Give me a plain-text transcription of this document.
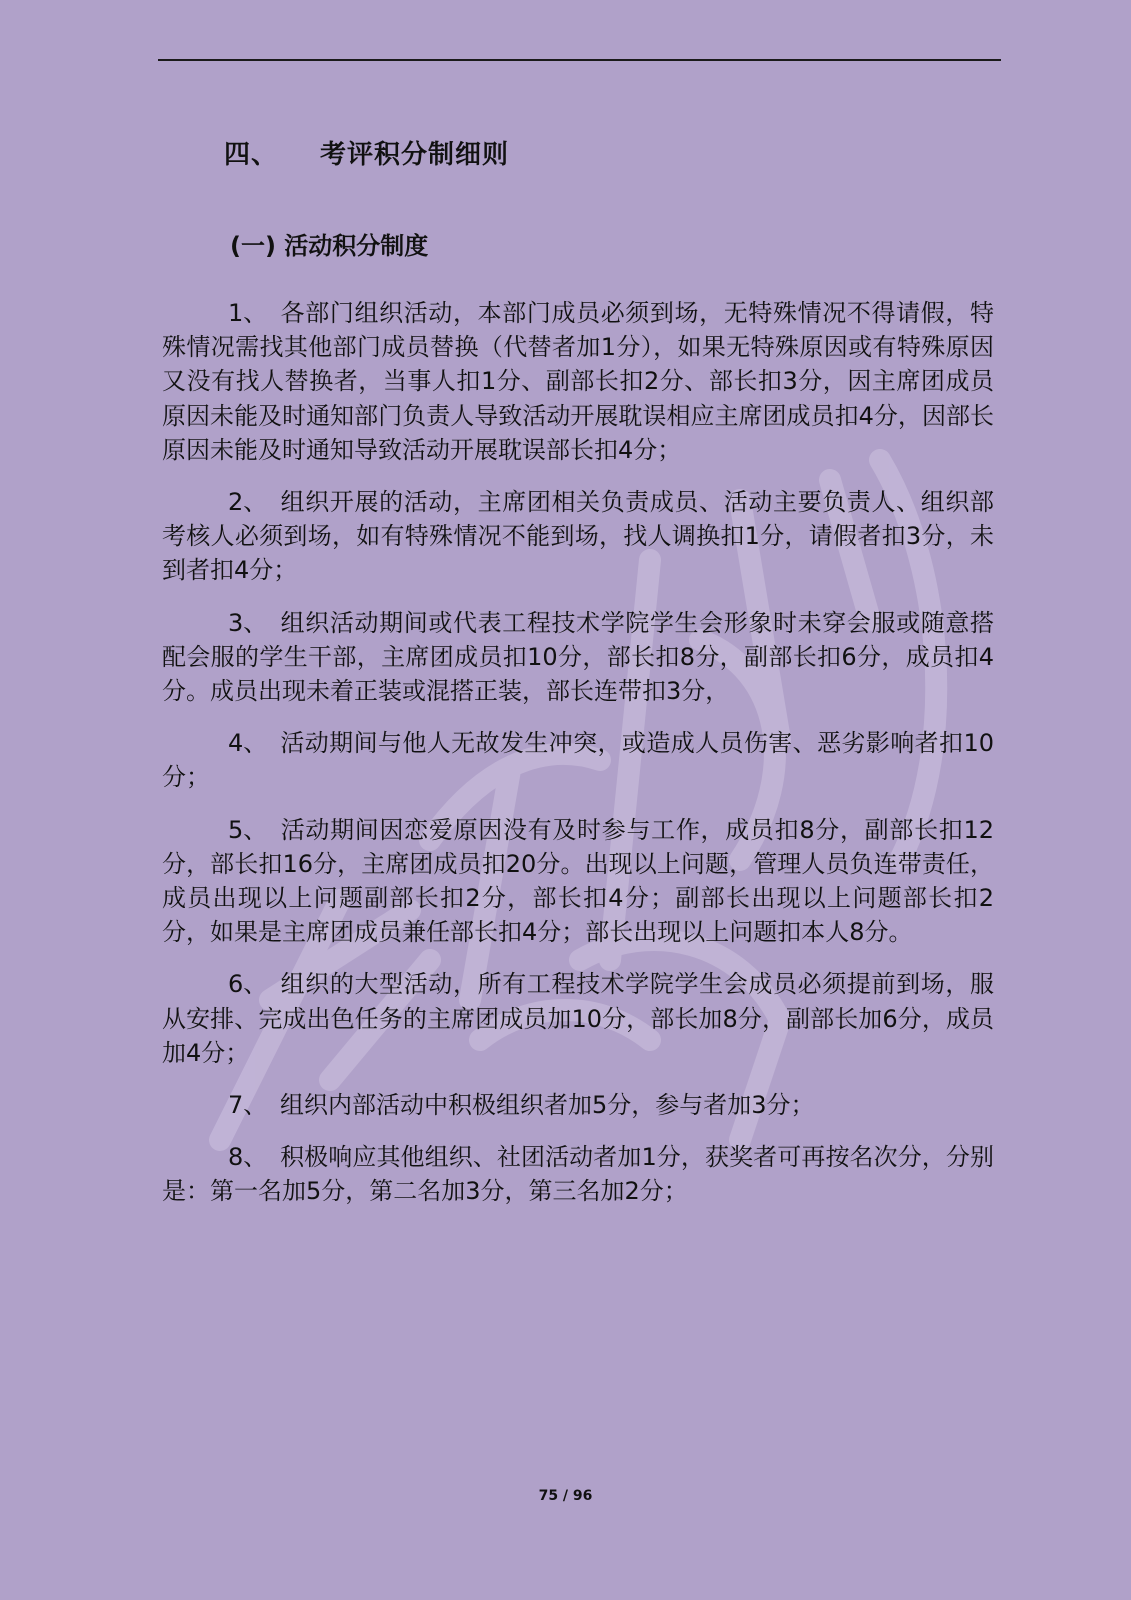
四、 考评积分制细则
(一) 活动积分制度

1、 各部门组织活动，本部门成员必须到场，无特殊情况不得请假，特殊情况需找其他部门成员替换（代替者加1分），如果无特殊原因或有特殊原因又没有找人替换者，当事人扣1分、副部长扣2分、部长扣3分，因主席团成员原因未能及时通知部门负责人导致活动开展耽误相应主席团成员扣4分，因部长原因未能及时通知导致活动开展耽误部长扣4分；

2、 组织开展的活动，主席团相关负责成员、活动主要负责人、组织部考核人必须到场，如有特殊情况不能到场，找人调换扣1分，请假者扣3分，未到者扣4分；

3、 组织活动期间或代表工程技术学院学生会形象时未穿会服或随意搭配会服的学生干部，主席团成员扣10分，部长扣8分，副部长扣6分，成员扣4分。成员出现未着正装或混搭正装，部长连带扣3分，

4、 活动期间与他人无故发生冲突，或造成人员伤害、恶劣影响者扣10分；

5、 活动期间因恋爱原因没有及时参与工作，成员扣8分，副部长扣12分，部长扣16分，主席团成员扣20分。出现以上问题，管理人员负连带责任，成员出现以上问题副部长扣2分，部长扣4分；副部长出现以上问题部长扣2分，如果是主席团成员兼任部长扣4分；部长出现以上问题扣本人8分。

6、 组织的大型活动，所有工程技术学院学生会成员必须提前到场，服从安排、完成出色任务的主席团成员加10分，部长加8分，副部长加6分，成员加4分；

7、 组织内部活动中积极组织者加5分，参与者加3分；

8、 积极响应其他组织、社团活动者加1分，获奖者可再按名次分，分别是：第一名加5分，第二名加3分，第三名加2分；

75 / 96
